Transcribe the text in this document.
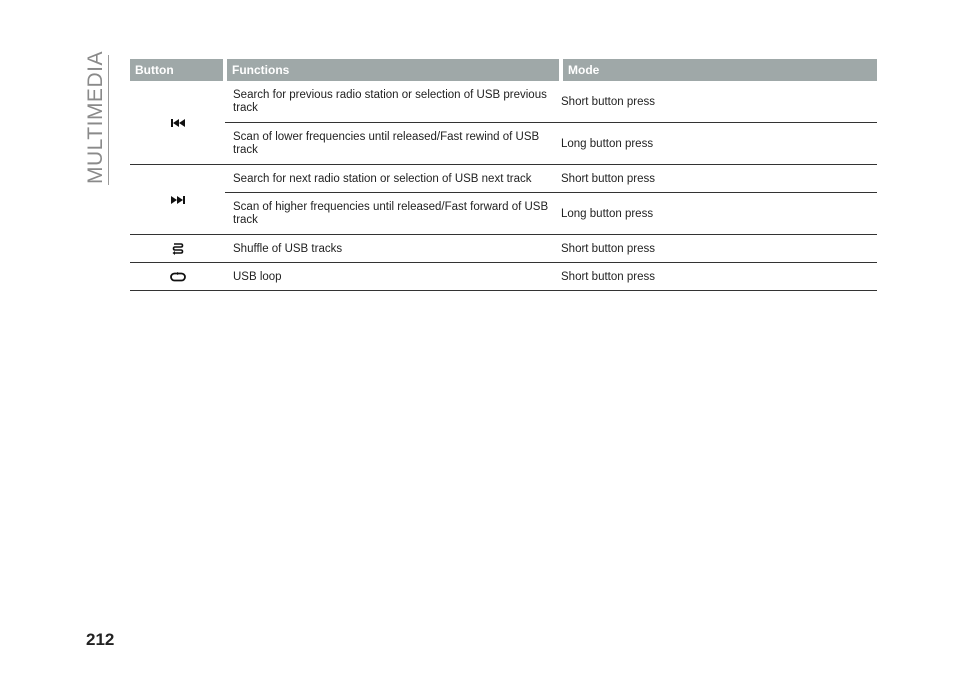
MULTIMEDIA Button	Functions	Mode

	Search for previous radio station or selection of USB previous track	Short button press
	Scan of lower frequencies until released/Fast rewind of USB track	Long button press

	Search for next radio station or selection of USB next track	Short button press
	Scan of higher frequencies until released/Fast forward of USB track	Long button press

	Shuffle of USB tracks	Short button press

	USB loop	Short button press
212
